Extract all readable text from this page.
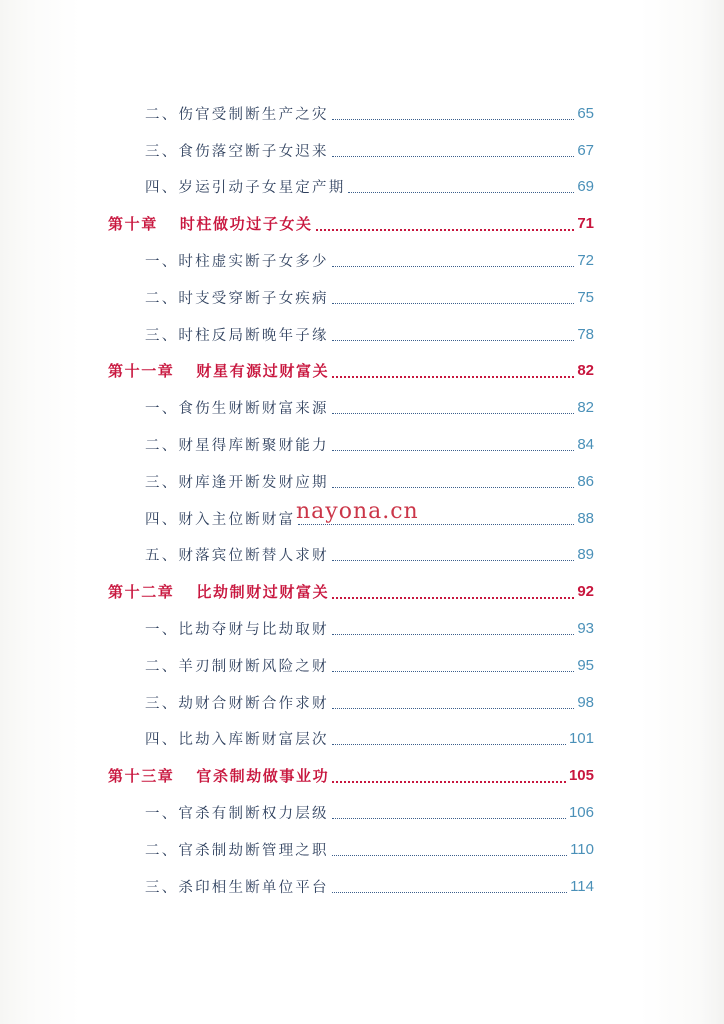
二、伤官受制断生产之灾	65
三、食伤落空断子女迟来	67
四、岁运引动子女星定产期	69
第十章 时柱做功过子女关	71
一、时柱虚实断子女多少	72
二、时支受穿断子女疾病	75
三、时柱反局断晚年子缘	78
第十一章 财星有源过财富关	82
一、食伤生财断财富来源	82
二、财星得库断聚财能力	84
三、财库逢开断发财应期	86
四、财入主位断财富	88
五、财落宾位断替人求财	89
第十二章 比劫制财过财富关	92
一、比劫夺财与比劫取财	93
二、羊刃制财断风险之财	95
三、劫财合财断合作求财	98
四、比劫入库断财富层次	101
第十三章 官杀制劫做事业功	105
一、官杀有制断权力层级	106
二、官杀制劫断管理之职	110
三、杀印相生断单位平台	114
nayona.cn
